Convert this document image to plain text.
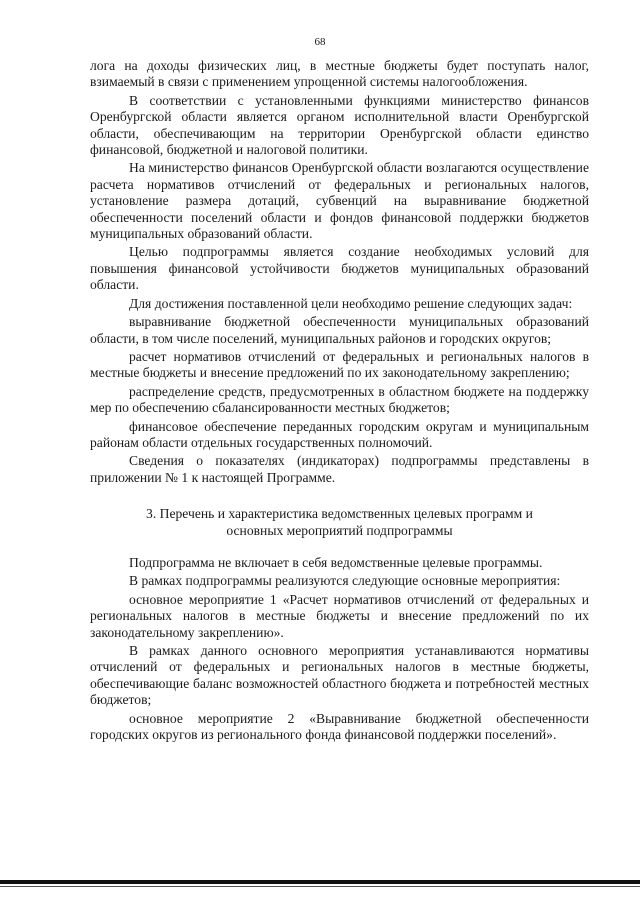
68

лога на доходы физических лиц, в местные бюджеты будет поступать налог, взимаемый в связи с применением упрощенной системы налогообложения.

В соответствии с установленными функциями министерство финансов Оренбургской области является органом исполнительной власти Оренбургской области, обеспечивающим на территории Оренбургской области единство финансовой, бюджетной и налоговой политики.

На министерство финансов Оренбургской области возлагаются осуществление расчета нормативов отчислений от федеральных и региональных налогов, установление размера дотаций, субвенций на выравнивание бюджетной обеспеченности поселений области и фондов финансовой поддержки бюджетов муниципальных образований области.

Целью подпрограммы является создание необходимых условий для повышения финансовой устойчивости бюджетов муниципальных образований области.

Для достижения поставленной цели необходимо решение следующих задач:

выравнивание бюджетной обеспеченности муниципальных образований области, в том числе поселений, муниципальных районов и городских округов;

расчет нормативов отчислений от федеральных и региональных налогов в местные бюджеты и внесение предложений по их законодательному закреплению;

распределение средств, предусмотренных в областном бюджете на поддержку мер по обеспечению сбалансированности местных бюджетов;

финансовое обеспечение переданных городским округам и муниципальным районам области отдельных государственных полномочий.

Сведения о показателях (индикаторах) подпрограммы представлены в приложении № 1 к настоящей Программе.

3. Перечень и характеристика ведомственных целевых программ и
основных мероприятий подпрограммы

Подпрограмма не включает в себя ведомственные целевые программы.

В рамках подпрограммы реализуются следующие основные мероприятия:

основное мероприятие 1 «Расчет нормативов отчислений от федеральных и региональных налогов в местные бюджеты и внесение предложений по их законодательному закреплению».

В рамках данного основного мероприятия устанавливаются нормативы отчислений от федеральных и региональных налогов в местные бюджеты, обеспечивающие баланс возможностей областного бюджета и потребностей местных бюджетов;

основное мероприятие 2 «Выравнивание бюджетной обеспеченности городских округов из регионального фонда финансовой поддержки поселений».
